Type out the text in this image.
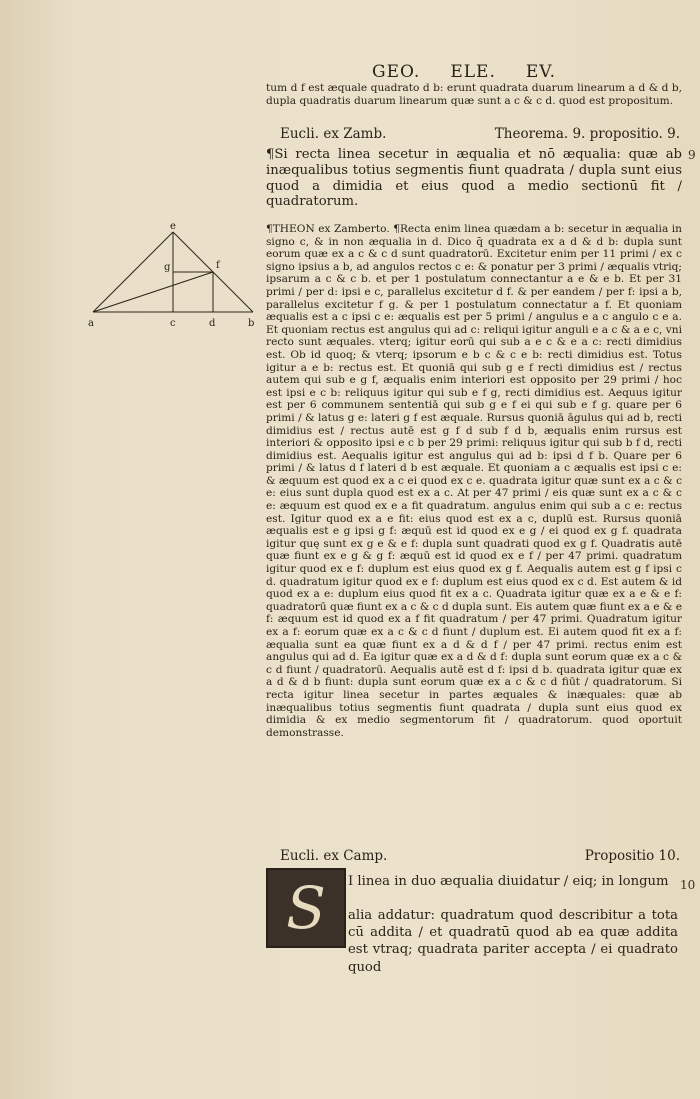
GEO. ELE. EV.
tum d f est æquale quadrato d b: erunt quadrata duarum linearum a d & d b, dupla quadratis duarum linearum quæ sunt a c & c d. quod est propositum.
Eucli. ex Zamb.	Theorema. 9. propositio. 9.
9
¶Si recta linea secetur in æqualia et nō æqualia: quæ ab inæqualibus totius segmentis fiunt quadrata / dupla sunt eius quod a dimidia et eius quod a medio sectionū fit / quadratorum.
¶THEON ex Zamberto. ¶Recta enim linea quædam a b: secetur in æqualia in signo c, & in non æqualia in d. Dico q̄ quadrata ex a d & d b: dupla sunt eorum quæ ex a c & c d sunt quadratorū. Excitetur enim per 11 primi / ex c signo ipsius a b, ad angulos rectos c e: & ponatur per 3 primi / æqualis vtriq; ipsarum a c & c b. et per 1 postulatum connectantur a e & e b. Et per 31 primi / per d: ipsi e c, parallelus excitetur d f. & per eandem / per f: ipsi a b, parallelus excitetur f g. & per 1 postulatum connectatur a f. Et quoniam æqualis est a c ipsi c e: æqualis est per 5 primi / angulus e a c angulo c e a. Et quoniam rectus est angulus qui ad c: reliqui igitur anguli e a c & a e c, vni recto sunt æquales. vterq; igitur eorū qui sub a e c & e a c: recti dimidius est. Ob id quoq; & vterq; ipsorum e b c & c e b: recti dimidius est. Totus igitur a e b: rectus est. Et quoniā qui sub g e f recti dimidius est / rectus autem qui sub e g f, æqualis enim interiori est opposito per 29 primi / hoc est ipsi e c b: reliquus igitur qui sub e f g, recti dimidius est. Aequus igitur est per 6 communem sententiā qui sub g e f ei qui sub e f g. quare per 6 primi / & latus g e: lateri g f est æquale. Rursus quoniā āgulus qui ad b, recti dimidius est / rectus autē est g f d sub f d b, æqualis enim rursus est interiori & opposito ipsi e c b per 29 primi: reliquus igitur qui sub b f d, recti dimidius est. Aequalis igitur est angulus qui ad b: ipsi d f b. Quare per 6 primi / & latus d f lateri d b est æquale. Et quoniam a c æqualis est ipsi c e: & æquum est quod ex a c ei quod ex c e. quadrata igitur quæ sunt ex a c & c e: eius sunt dupla quod est ex a c. At per 47 primi / eis quæ sunt ex a c & c e: æquum est quod ex e a fit quadratum. angulus enim qui sub a c e: rectus est. Igitur quod ex a e fit: eius quod est ex a c, duplū est. Rursus quoniā æqualis est e g ipsi g f: æquū est id quod ex e g / ei quod ex g f. quadrata igitur quę sunt ex g e & e f: dupla sunt quadrati quod ex g f. Quadratis autē quæ fiunt ex e g & g f: æquū est id quod ex e f / per 47 primi. quadratum igitur quod ex e f: duplum est eius quod ex g f. Aequalis autem est g f ipsi c d. quadratum igitur quod ex e f: duplum est eius quod ex c d. Est autem & id quod ex a e: duplum eius quod fit ex a c. Quadrata igitur quæ ex a e & e f: quadratorū quæ fiunt ex a c & c d dupla sunt. Eis autem quæ fiunt ex a e & e f: æquum est id quod ex a f fit quadratum / per 47 primi. Quadratum igitur ex a f: eorum quæ ex a c & c d fiunt / duplum est. Ei autem quod fit ex a f: æqualia sunt ea quæ fiunt ex a d & d f / per 47 primi. rectus enim est angulus qui ad d. Ea igitur quæ ex a d & d f: dupla sunt eorum quæ ex a c & c d fiunt / quadratorū. Aequalis autē est d f: ipsi d b. quadrata igitur quæ ex a d & d b fiunt: dupla sunt eorum quæ ex a c & c d fiūt / quadratorum. Si recta igitur linea secetur in partes æquales & inæquales: quæ ab inæqualibus totius segmentis fiunt quadrata / dupla sunt eius quod ex dimidia & ex medio segmentorum fit / quadratorum. quod oportuit demonstrasse.
e
g	f
a	c	d	b
Eucli. ex Camp.	Propositio 10.
10
S	I linea in duo æqualia diuidatur / eiq; in longum
alia addatur: quadratum quod describitur a tota cū addita / et quadratū quod ab ea quæ addita est vtraq; quadrata pariter accepta / ei quadrato quod
